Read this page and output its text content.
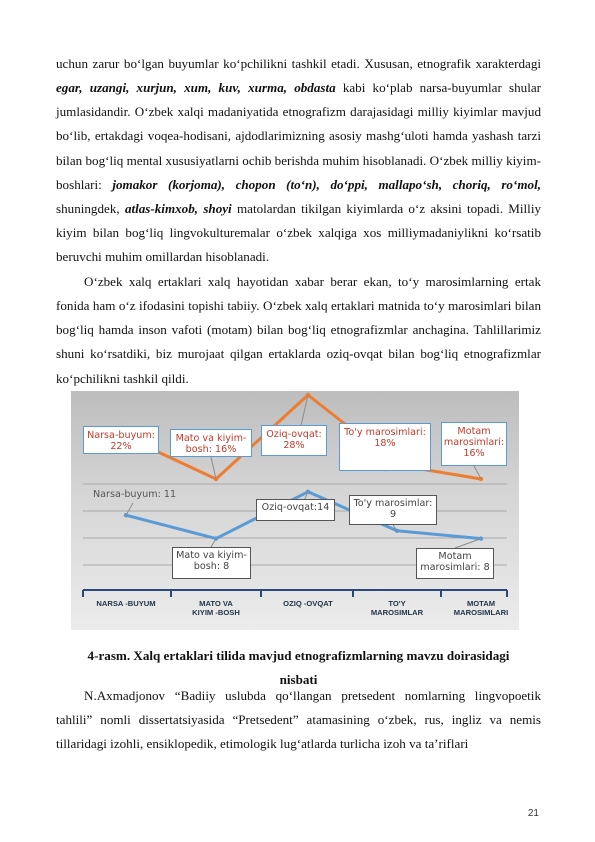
uchun zarur bo‘lgan buyumlar ko‘pchilikni tashkil etadi. Xususan, etnografik xarakterdagi egar, uzangi, xurjun, xum, kuv, xurma, obdasta kabi ko‘plab narsa-buyumlar shular jumlasidandir. O‘zbek xalqi madaniyatida etnografizm darajasidagi milliy kiyimlar mavjud bo‘lib, ertakdagi voqea-hodisani, ajdodlarimizning asosiy mashg‘uloti hamda yashash tarzi bilan bog‘liq mental xususiyatlarni ochib berishda muhim hisoblanadi. O‘zbek milliy kiyim-boshlari: jomakor (korjoma), chopon (to‘n), do‘ppi, mallapo‘sh, choriq, ro‘mol, shuningdek, atlas-kimxob, shoyi matolardan tikilgan kiyimlarda o‘z aksini topadi. Milliy kiyim bilan bog‘liq lingvokulturemalar o‘zbek xalqiga xos milliymadaniylikni ko‘rsatib beruvchi muhim omillardan hisoblanadi.

O‘zbek xalq ertaklari xalq hayotidan xabar berar ekan, to‘y marosimlarning ertak fonida ham o‘z ifodasini topishi tabiiy. O‘zbek xalq ertaklari matnida to‘y marosimlari bilan bog‘liq hamda inson vafoti (motam) bilan bog‘liq etnografizmlar anchagina. Tahlillarimiz shuni ko‘rsatdiki, biz murojaat qilgan ertaklarda oziq-ovqat bilan bog‘liq etnografizmlar ko‘pchilikni tashkil qildi.

Narsa-buyum:
22%
Mato va kiyim-
bosh: 16%
Oziq-ovqat:
28%
To'y marosimlari:
18%
Motam
marosimlari:
16%
Narsa-buyum: 11
Mato va kiyim-
bosh: 8
Oziq-ovqat:14	To'y marosimlar:
9
Motam
marosimlari: 8
NARSA -BUYUM	MATO VA
KIYIM -BOSH
OZIQ -OVQAT	TO'Y
MAROSIMLAR
MOTAM
MAROSIMLARI

4-rasm. Xalq ertaklari tilida mavjud etnografizmlarning mavzu doirasidagi
nisbati

N.Axmadjonov “Badiiy uslubda qo‘llangan pretsedent nomlarning lingvopoetik tahlili” nomli dissertatsiyasida “Pretsedent” atamasining o‘zbek, rus, ingliz va nemis tillaridagi izohli, ensiklopedik, etimologik lug‘atlarda turlicha izoh va ta’riflari

21
